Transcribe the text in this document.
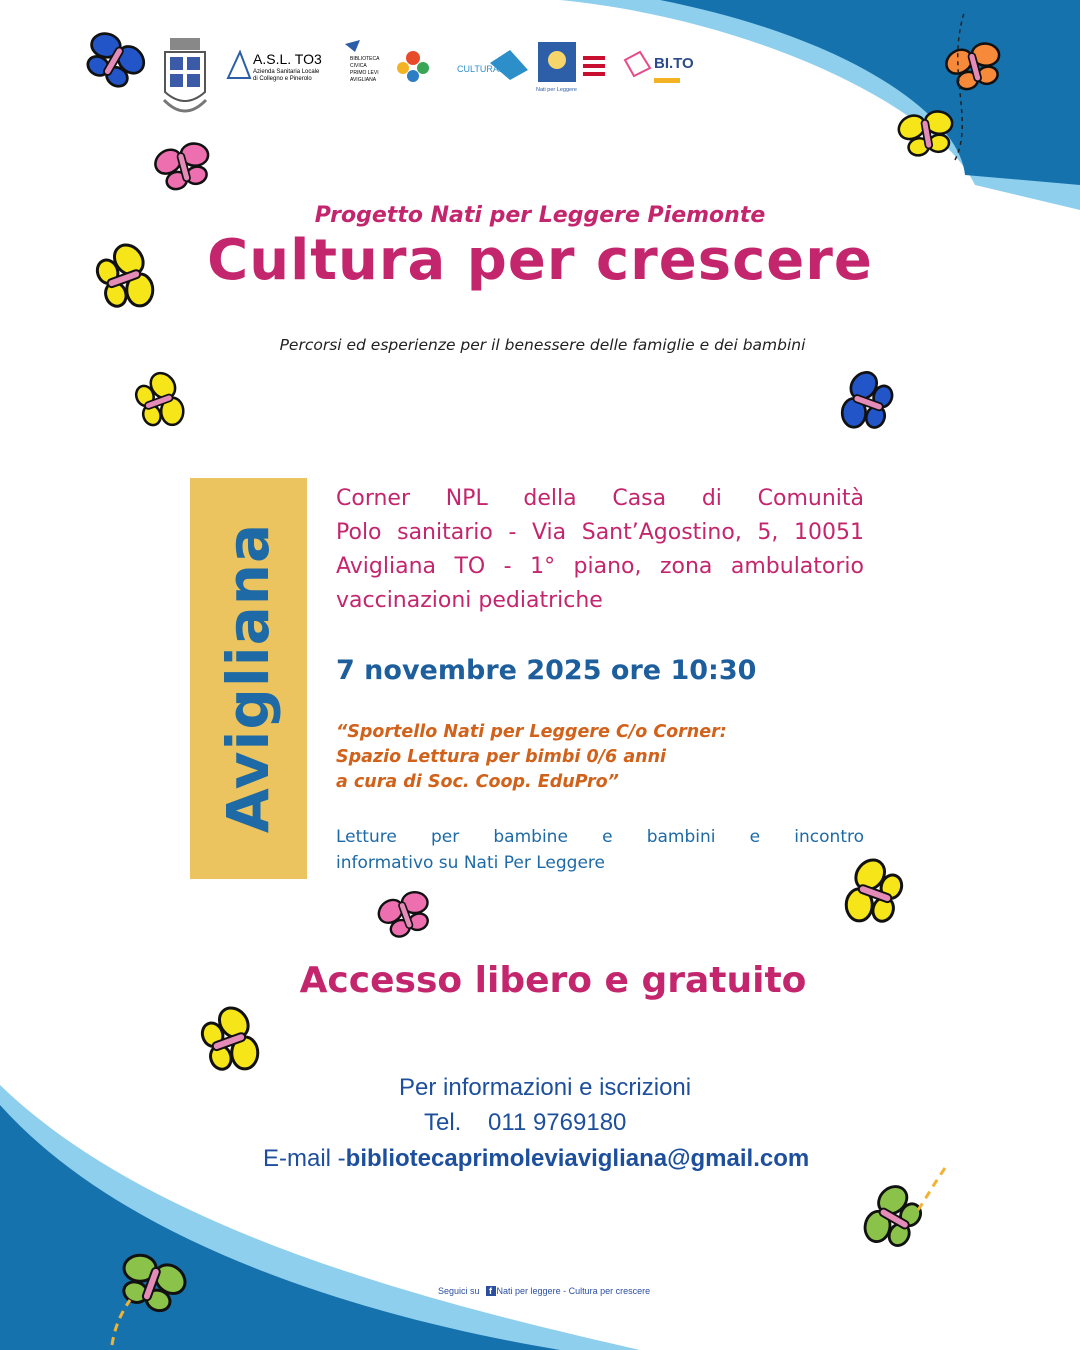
A.S.L. TO3
Azienda Sanitaria Locale
di Collegno e Pinerolo
BIBLIOTECA
CIVICA
PRIMO LEVI
AVIGLIANA
CULTURALPE
Nati per Leggere
BI.TO
Progetto Nati per Leggere Piemonte
Cultura per crescere
Percorsi ed esperienze per il benessere delle famiglie e dei bambini
Avigliana
Corner NPL della Casa di Comunità
Polo sanitario - Via Sant’Agostino, 5, 10051
Avigliana TO - 1° piano, zona ambulatorio
vaccinazioni pediatriche
7 novembre 2025 ore 10:30
“Sportello Nati per Leggere C/o Corner:
Spazio Lettura per bimbi 0/6 anni
a cura di Soc. Coop. EduPro”
Letture per bambine e bambini e incontro
informativo su Nati Per Leggere
Accesso libero e gratuito
Per informazioni e iscrizioni
Tel. 011 9769180
E-mail -bibliotecaprimoleviavigliana@gmail.com
Seguici su f Nati per leggere - Cultura per crescere
